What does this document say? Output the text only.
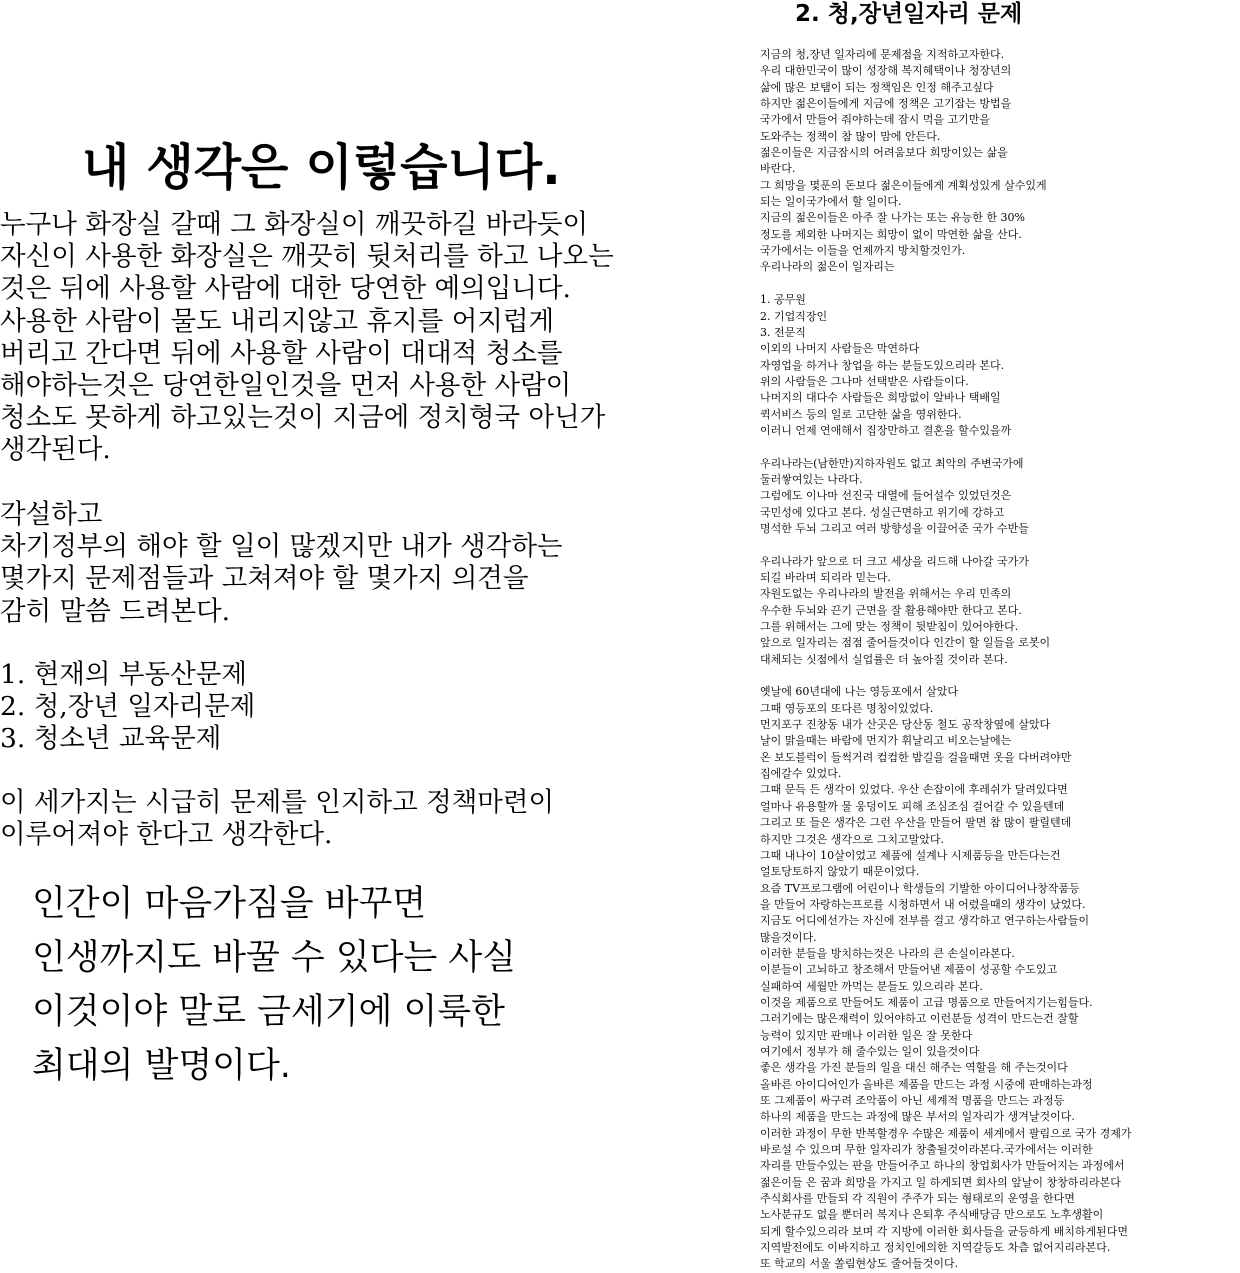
내 생각은 이렇습니다.
누구나 화장실 갈때 그 화장실이 깨끗하길 바라듯이
자신이 사용한 화장실은 깨끗히 뒷처리를 하고 나오는
것은 뒤에 사용할 사람에 대한 당연한 예의입니다.
사용한 사람이 물도 내리지않고 휴지를 어지럽게
버리고 간다면 뒤에 사용할 사람이 대대적 청소를
해야하는것은 당연한일인것을 먼저 사용한 사람이
청소도 못하게 하고있는것이 지금에 정치형국 아닌가
생각된다.
각설하고
차기정부의 해야 할 일이 많겠지만 내가 생각하는
몇가지 문제점들과 고쳐져야 할 몇가지 의견을
감히 말씀 드려본다.
1. 현재의 부동산문제
2. 청,장년 일자리문제
3. 청소년 교육문제
이 세가지는 시급히 문제를 인지하고 정책마련이
이루어져야 한다고 생각한다.
인간이 마음가짐을 바꾸면
인생까지도 바꿀 수 있다는 사실
이것이야 말로 금세기에 이룩한
최대의 발명이다.
2. 청,장년일자리 문제
지금의 청,장년 일자리에 문제점을 지적하고자한다.
우리 대한민국이 많이 성장해 복지혜택이나 청장년의
삶에 많은 보탬이 되는 정책임은 인정 해주고싶다
하지만 젊은이들에게 지금에 정책은 고기잡는 방법을
국가에서 만들어 줘야하는데 잠시 먹을 고기만을
도와주는 정책이 참 많이 맘에 안든다.
젊은이들은 지금잠시의 어려움보다 희망이있는 삶을
바란다.
그 희망을 몇푼의 돈보다 젊은이들에게 계획성있게 살수있게
되는 일이국가에서 할 일이다.
지금의 젊은이들은 아주 잘 나가는 또는 유능한 한 30%
정도를 제외한 나머지는 희망이 없이 막연한 삶을 산다.
국가에서는 이들을 언제까지 방치할것인가.
우리나라의 젊은이 일자리는
1. 공무원
2. 기업직장인
3. 전문직
이외의 나머지 사람들은 막연하다
자영업을 하거나 창업을 하는 분들도있으리라 본다.
위의 사람들은 그나마 선택받은 사람들이다.
나머지의 대다수 사람들은 희망없이 알바나 택배일
퀵서비스 등의 일로 고단한 삶을 영위한다.
이러니 언제 연애해서 집장만하고 결혼을 할수있을까
우리나라는(남한만)지하자원도 없고 최악의 주변국가에
둘러쌓여있는 나라다.
그럼에도 이나마 선진국 대열에 들어설수 있었던것은
국민성에 있다고 본다. 성실근면하고 위기에 강하고
명석한 두뇌 그리고 여러 방향성을 이끌어준 국가 수반들
우리나라가 앞으로 더 크고 세상을 리드해 나아갈 국가가
되길 바라며 되리라 믿는다.
자원도없는 우리나라의 발전을 위해서는 우리 민족의
우수한 두뇌와 끈기 근면을 잘 활용해야만 한다고 본다.
그를 위해서는 그에 맞는 정책이 뒷받침이 있어야한다.
앞으로 일자리는 점점 줄어들것이다 인간이 할 일들을 로봇이
대체되는 싯점에서 실업률은 더 높아질 것이라 본다.
옛날에 60년대에 나는 영등포에서 살았다
그때 영등포의 또다른 명칭이있었다.
먼지포구 진창동 내가 산곳은 당산동 철도 공작창옆에 살았다
날이 맑을때는 바람에 먼지가 휘날리고 비오는날에는
온 보도블럭이 들썩거려 컴컴한 밤길을 걸을때면 옷을 다버려야만
집에갈수 있었다.
그때 문득 든 생각이 있었다. 우산 손잡이에 후레쉬가 달려있다면
얼마나 유용할까 물 웅덩이도 피해 조심조심 걸어갈 수 있을텐데
그리고 또 들은 생각은 그런 우산을 만들어 팔면 참 많이 팔릴텐데
하지만 그것은 생각으로 그치고말았다.
그때 내나이 10살이었고 제품에 설계나 시제품등을 만든다는건
얼토당토하지 않았기 때문이었다.
요즘 TV프로그램에 어린이나 학생들의 기발한 아이디어나창작품등
을 만들어 자랑하는프로를 시청하면서 내 어렸을때의 생각이 났었다.
지금도 어디에선가는 자신에 전부를 걸고 생각하고 연구하는사람들이
많을것이다.
이러한 분들을 방치하는것은 나라의 큰 손실이라본다.
이분들이 고뇌하고 창조해서 만들어낸 제품이 성공할 수도있고
실패하여 세월만 까먹는 분들도 있으리라 본다.
이것을 제품으로 만들어도 제품이 고급 명품으로 만들어지기는힘들다.
그러기에는 많은재력이 있어야하고 이런분들 성격이 만드는건 잘할
능력이 있지만 판매나 이러한 일은 잘 못한다
여기에서 정부가 해 줄수있는 일이 있을것이다
좋은 생각을 가진 분들의 일을 대신 해주는 역할을 해 주는것이다
올바른 아이디어인가 올바른 제품을 만드는 과정 시중에 판매하는과정
또 그제품이 싸구려 조악품이 아닌 세계적 명품을 만드는 과정등
하나의 제품을 만드는 과정에 많은 부서의 일자리가 생겨날것이다.
이러한 과정이 무한 반복할경우 수많은 제품이 세계에서 팔림으로 국가 경제가
바로설 수 있으며 무한 일자리가 창출될것이라본다.국가에서는 이러한
자리를 만들수있는 판을 만들어주고 하나의 창업회사가 만들어지는 과정에서
젊은이들 은 꿈과 희망을 가지고 일 하게되면 회사의 앞날이 창창하리라본다
주식회사를 만들되 각 직원이 주주가 되는 형태로의 운영을 한다면
노사분규도 없을 뿐더러 복지나 은퇴후 주식배당금 만으로도 노후생활이
되게 할수있으리라 보며 각 지방에 이러한 회사들을 균등하게 배치하게된다면
지역발전에도 이바지하고 정치인에의한 지역갈등도 차츰 없어지리라본다.
또 학교의 서울 쏠림현상도 줄어들것이다.
